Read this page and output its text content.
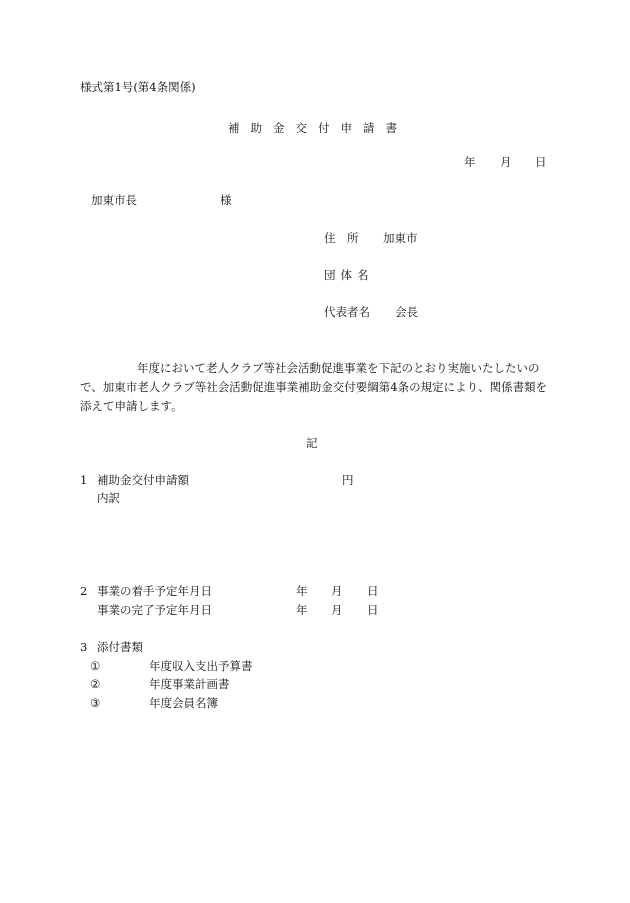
様式第1号(第4条関係)
補助金交付申請書
年 月 日
加東市長	様
住　所 加東市
団体名
代表者名 会長
年度において老人クラブ等社会活動促進事業を下記のとおり実施いたしたいの
で、加東市老人クラブ等社会活動促進事業補助金交付要綱第4条の規定により、関係書類を
添えて申請します。
記
1 補助金交付申請額	円
内訳
2 事業の着手予定年月日	年 月 日
事業の完了予定年月日	年 月 日
3 添付書類
①	年度収入支出予算書
②	年度事業計画書
③	年度会員名簿
